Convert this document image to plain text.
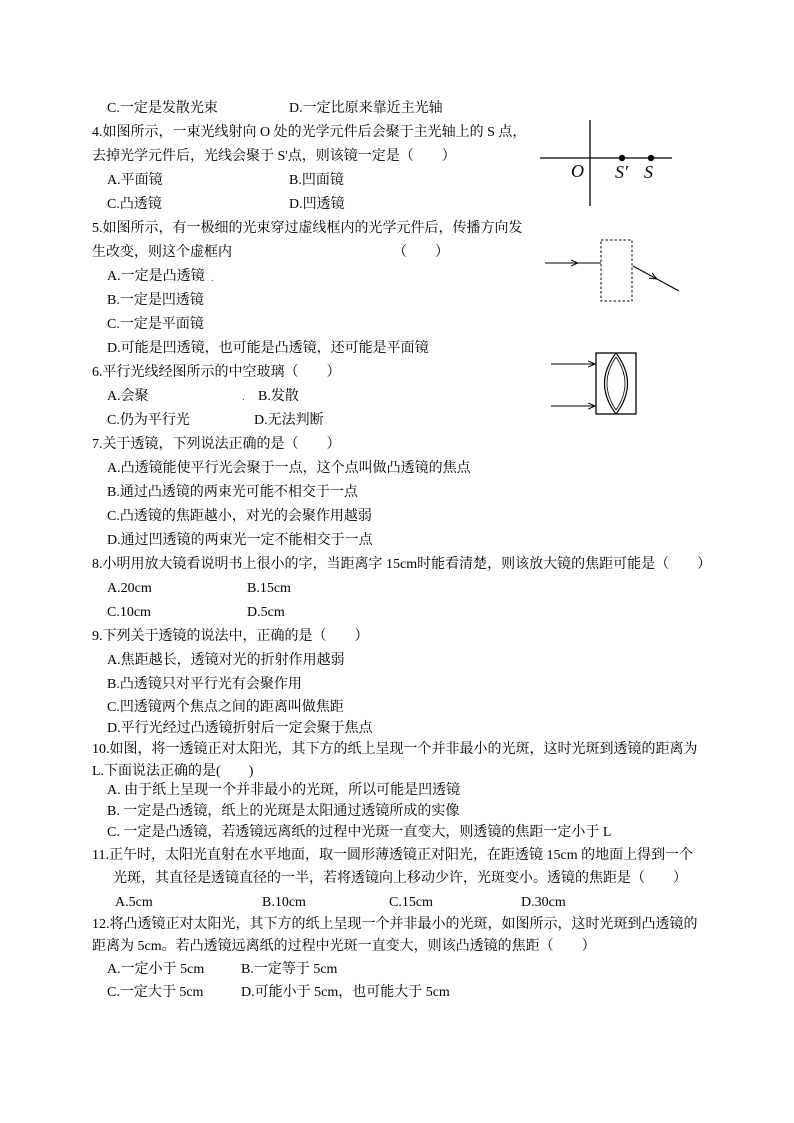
C.一定是发散光束	D.一定比原来靠近主光轴
4.如图所示，一束光线射向 O 处的光学元件后会聚于主光轴上的 S 点，
去掉光学元件后，光线会聚于 S'点，则该镜一定是（　　）
A.平面镜	B.凹面镜
C.凸透镜	D.凹透镜
O S′ S
5.如图所示，有一极细的光束穿过虚线框内的光学元件后，传播方向发
生改变，则这个虚框内	（　　）
A.一定是凸透镜 .
B.一定是凹透镜
C.一定是平面镜
D.可能是凹透镜，也可能是凸透镜，还可能是平面镜
6.平行光线经图所示的中空玻璃（　　）
A.会聚	. B.发散
C.仍为平行光	D.无法判断
7.关于透镜，下列说法正确的是（　　）
A.凸透镜能使平行光会聚于一点，这个点叫做凸透镜的焦点
B.通过凸透镜的两束光可能不相交于一点
C.凸透镜的焦距越小，对光的会聚作用越弱
D.通过凹透镜的两束光一定不能相交于一点
8.小明用放大镜看说明书上很小的字，当距离字 15cm时能看清楚，则该放大镜的焦距可能是（　　）
A.20cm	B.15cm
C.10cm	D.5cm
9.下列关于透镜的说法中，正确的是（　　）
A.焦距越长，透镜对光的折射作用越弱
B.凸透镜只对平行光有会聚作用
C.凹透镜两个焦点之间的距离叫做焦距
D.平行光经过凸透镜折射后一定会聚于焦点
10.如图，将一透镜正对太阳光，其下方的纸上呈现一个并非最小的光斑，这时光斑到透镜的距离为
L.下面说法正确的是(　　)
A. 由于纸上呈现一个并非最小的光斑，所以可能是凹透镜
B. 一定是凸透镜，纸上的光斑是太阳通过透镜所成的实像
C. 一定是凸透镜，若透镜远离纸的过程中光斑一直变大，则透镜的焦距一定小于 L
11.正午时，太阳光直射在水平地面，取一圆形薄透镜正对阳光，在距透镜 15cm 的地面上得到一个
光斑，其直径是透镜直径的一半，若将透镜向上移动少许，光斑变小。透镜的焦距是（　　）
A.5cm	B.10cm	C.15cm	D.30cm
12.将凸透镜正对太阳光，其下方的纸上呈现一个并非最小的光斑，如图所示，这时光斑到凸透镜的
距离为 5cm。若凸透镜远离纸的过程中光斑一直变大，则该凸透镜的焦距（　　）
A.一定小于 5cm	B.一定等于 5cm
C.一定大于 5cm	D.可能小于 5cm，也可能大于 5cm
